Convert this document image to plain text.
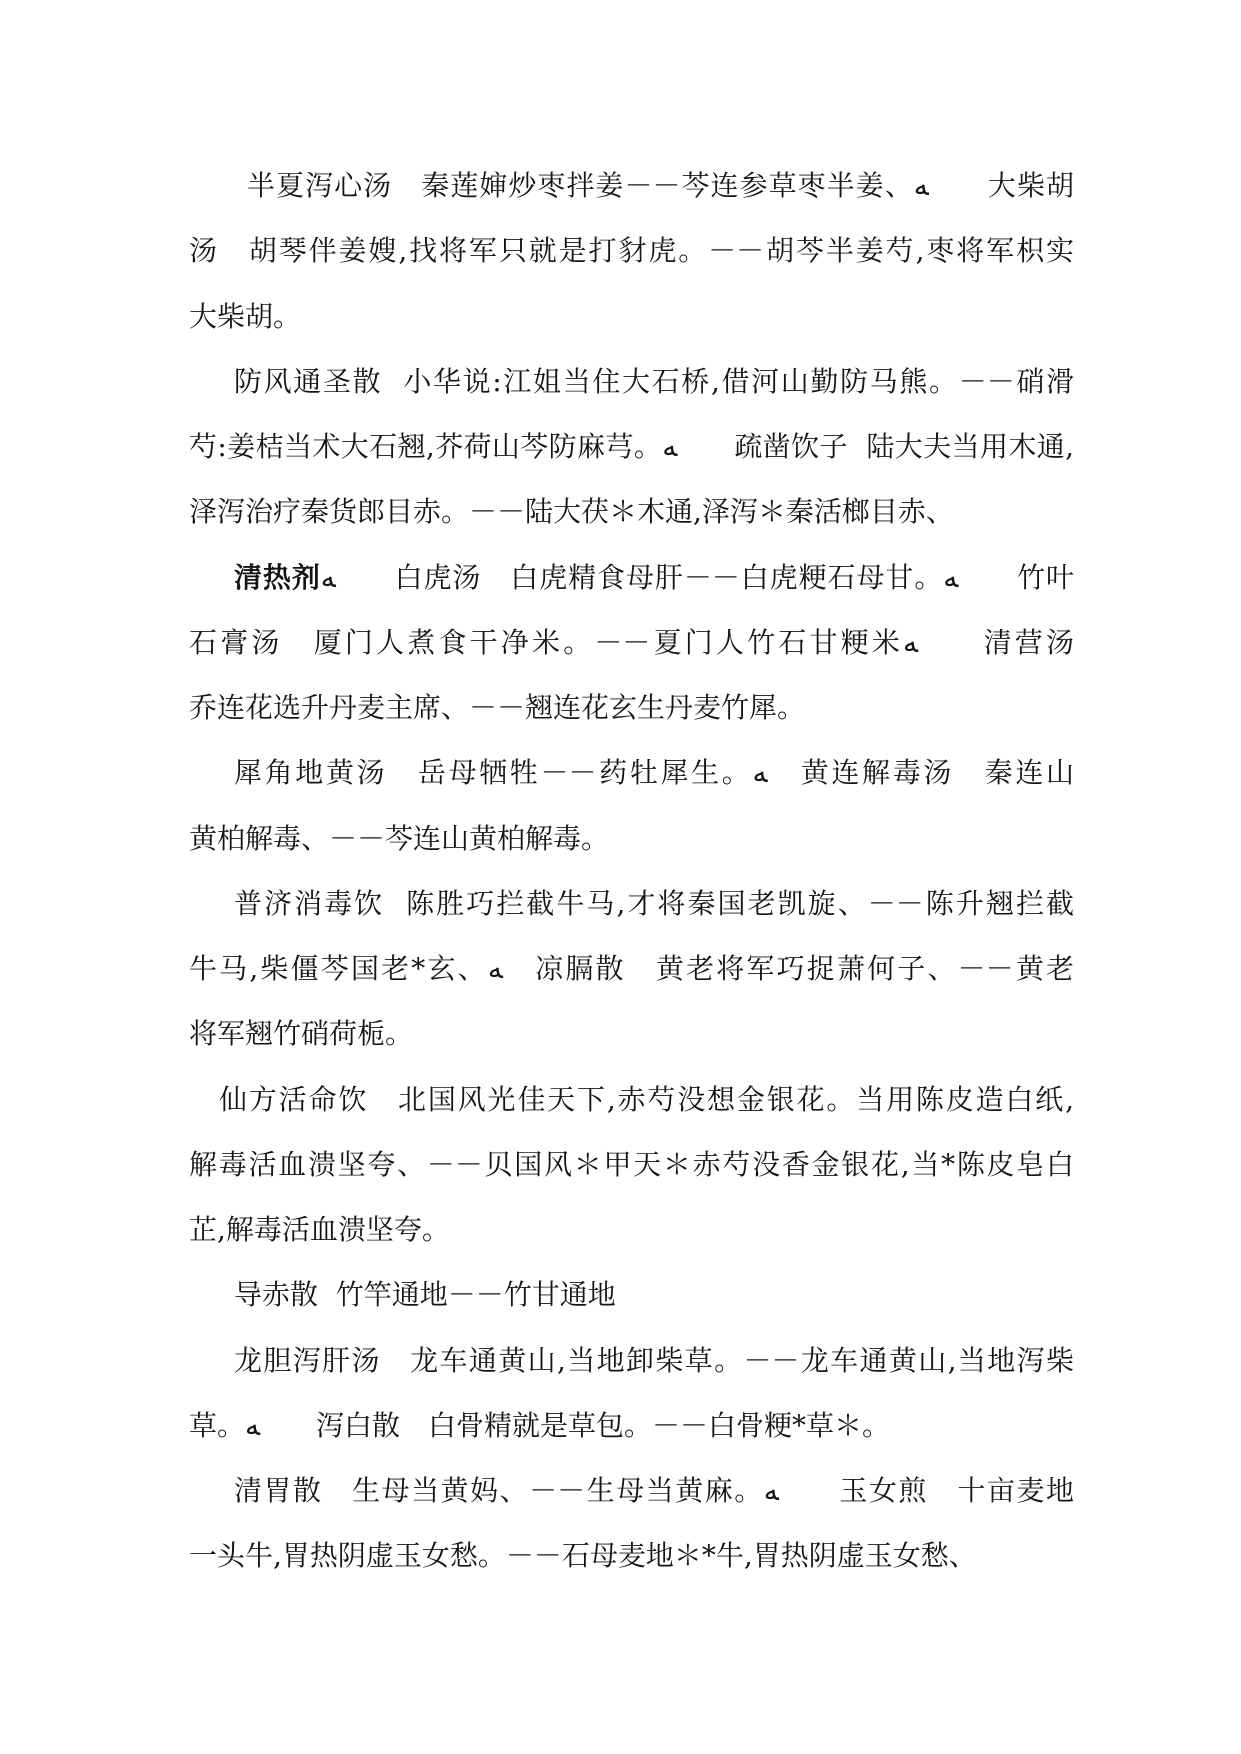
半夏泻心汤　秦莲婶炒枣拌姜－－芩连参草枣半姜、ﻪ　　大柴胡
汤　胡琴伴姜嫂,找将军只就是打豺虎。－－胡芩半姜芍,枣将军枳实
大柴胡。
防风通圣散  小华说:江姐当住大石桥,借河山勤防马熊。－－硝滑
芍:姜桔当术大石翘,芥荷山芩防麻芎。ﻪ　　疏凿饮子  陆大夫当用木通,
泽泻治疗秦货郎目赤。－－陆大茯＊木通,泽泻＊秦活榔目赤、
清热剂ﻪ　　白虎汤　白虎精食母肝－－白虎粳石母甘。ﻪ　　竹叶
石膏汤　厦门人煮食干净米。－－夏门人竹石甘粳米ﻪ　　清营汤
乔连花选升丹麦主席、－－翘连花玄生丹麦竹犀。
犀角地黄汤　岳母牺牲－－药牡犀生。ﻪ　黄连解毒汤　秦连山
黄柏解毒、－－芩连山黄柏解毒。
普济消毒饮  陈胜巧拦截牛马,才将秦国老凯旋、－－陈升翘拦截
牛马,柴僵芩国老*玄、ﻪ　凉膈散　黄老将军巧捉萧何子、－－黄老
将军翘竹硝荷栀。
仙方活命饮　北国风光佳天下,赤芍没想金银花。当用陈皮造白纸,
解毒活血溃坚夸、－－贝国风＊甲天＊赤芍没香金银花,当*陈皮皂白
芷,解毒活血溃坚夸。
导赤散  竹竿通地－－竹甘通地
龙胆泻肝汤　龙车通黄山,当地卸柴草。－－龙车通黄山,当地泻柴
草。ﻪ　　泻白散　白骨精就是草包。－－白骨粳*草＊。
清胃散　生母当黄妈、－－生母当黄麻。ﻪ　　玉女煎　十亩麦地
一头牛,胃热阴虚玉女愁。－－石母麦地＊*牛,胃热阴虚玉女愁、
